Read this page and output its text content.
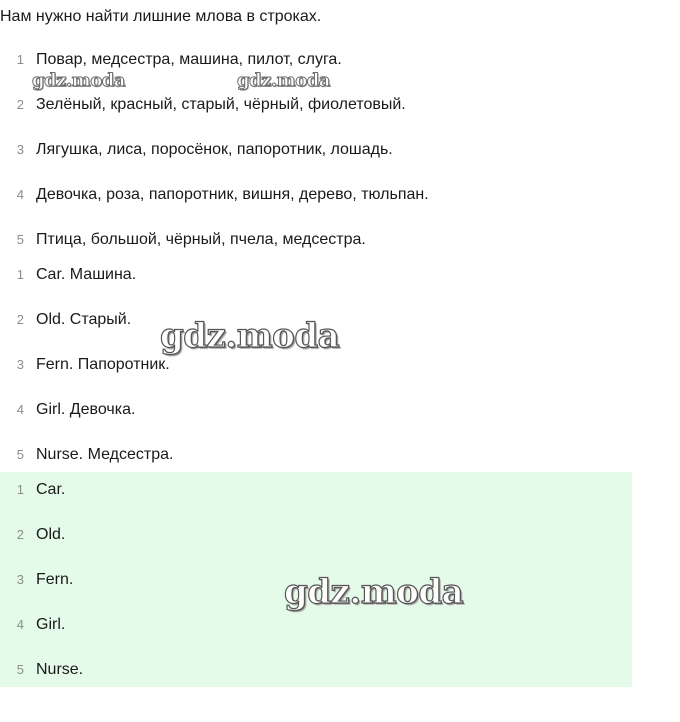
Нам нужно найти лишние млова в строках.
1 Повар, медсестра, машина, пилот, слуга.
2 Зелёный, красный, старый, чёрный, фиолетовый.
3 Лягушка, лиса, поросёнок, папоротник, лошадь.
4 Девочка, роза, папоротник, вишня, дерево, тюльпан.
5 Птица, большой, чёрный, пчела, медсестра.
1 Car. Машина.
2 Old. Старый.
3 Fern. Папоротник.
4 Girl. Девочка.
5 Nurse. Медсестра.
1 Car.
2 Old.
3 Fern.
4 Girl.
5 Nurse.
gdz.moda	gdz.moda
gdz.moda
gdz.moda
